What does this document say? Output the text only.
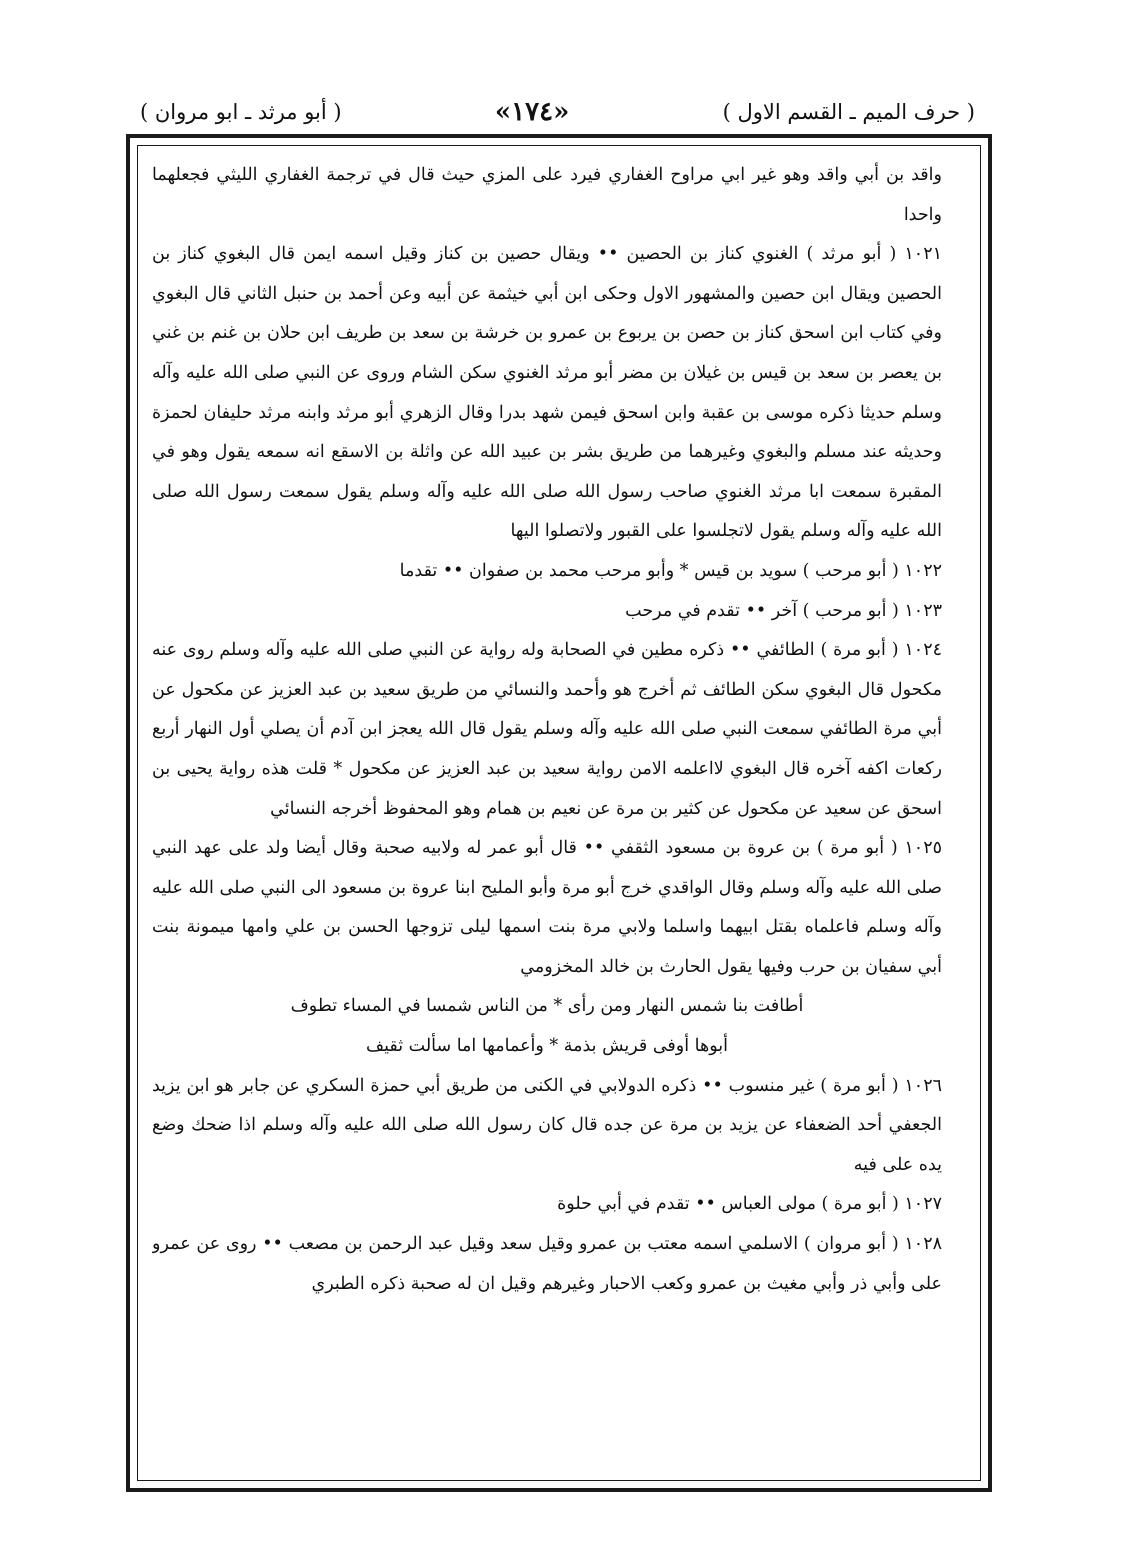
( حرف الميم ـ القسم الاول )
«١٧٤»
( أبو مرثد ـ ابو مروان )

واقد بن أبي واقد وهو غير ابي مراوح الغفاري فيرد على المزي حيث قال في ترجمة الغفاري الليثي فجعلهما واحدا

١٠٢١ ( أبو مرثد ) الغنوي كناز بن الحصين •• ويقال حصين بن كناز وقيل اسمه ايمن قال البغوي كناز بن الحصين ويقال ابن حصين والمشهور الاول وحكى ابن أبي خيثمة عن أبيه وعن أحمد بن حنبل الثاني قال البغوي وفي كتاب ابن اسحق كناز بن حصن بن يربوع بن عمرو بن خرشة بن سعد بن طريف ابن حلان بن غنم بن غني بن يعصر بن سعد بن قيس بن غيلان بن مضر أبو مرثد الغنوي سكن الشام وروى عن النبي صلى الله عليه وآله وسلم حديثا ذكره موسى بن عقبة وابن اسحق فيمن شهد بدرا وقال الزهري أبو مرثد وابنه مرثد حليفان لحمزة وحديثه عند مسلم والبغوي وغيرهما من طريق بشر بن عبيد الله عن واثلة بن الاسقع انه سمعه يقول وهو في المقبرة سمعت ابا مرثد الغنوي صاحب رسول الله صلى الله عليه وآله وسلم يقول سمعت رسول الله صلى الله عليه وآله وسلم يقول لاتجلسوا على القبور ولاتصلوا اليها

١٠٢٢ ( أبو مرحب ) سويد بن قيس * وأبو مرحب محمد بن صفوان •• تقدما

١٠٢٣ ( أبو مرحب ) آخر •• تقدم في مرحب

١٠٢٤ ( أبو مرة ) الطائفي •• ذكره مطين في الصحابة وله رواية عن النبي صلى الله عليه وآله وسلم روى عنه مكحول قال البغوي سكن الطائف ثم أخرج هو وأحمد والنسائي من طريق سعيد بن عبد العزيز عن مكحول عن أبي مرة الطائفي سمعت النبي صلى الله عليه وآله وسلم يقول قال الله يعجز ابن آدم أن يصلي أول النهار أربع ركعات اكفه آخره قال البغوي لااعلمه الامن رواية سعيد بن عبد العزيز عن مكحول * قلت هذه رواية يحيى بن اسحق عن سعيد عن مكحول عن كثير بن مرة عن نعيم بن همام وهو المحفوظ أخرجه النسائي

١٠٢٥ ( أبو مرة ) بن عروة بن مسعود الثقفي •• قال أبو عمر له ولابيه صحبة وقال أيضا ولد على عهد النبي صلى الله عليه وآله وسلم وقال الواقدي خرج أبو مرة وأبو المليح ابنا عروة بن مسعود الى النبي صلى الله عليه وآله وسلم فاعلماه بقتل ابيهما واسلما ولابي مرة بنت اسمها ليلى تزوجها الحسن بن علي وامها ميمونة بنت أبي سفيان بن حرب وفيها يقول الحارث بن خالد المخزومي

أطافت بنا شمس النهار ومن رأى * من الناس شمسا في المساء تطوف

أبوها أوفى قريش بذمة * وأعمامها اما سألت ثقيف

١٠٢٦ ( أبو مرة ) غير منسوب •• ذكره الدولابي في الكنى من طريق أبي حمزة السكري عن جابر هو ابن يزيد الجعفي أحد الضعفاء عن يزيد بن مرة عن جده قال كان رسول الله صلى الله عليه وآله وسلم اذا ضحك وضع يده على فيه

١٠٢٧ ( أبو مرة ) مولى العباس •• تقدم في أبي حلوة

١٠٢٨ ( أبو مروان ) الاسلمي اسمه معتب بن عمرو وقيل سعد وقيل عبد الرحمن بن مصعب •• روى عن عمرو على وأبي ذر وأبي مغيث بن عمرو وكعب الاحبار وغيرهم وقيل ان له صحبة ذكره الطبري
